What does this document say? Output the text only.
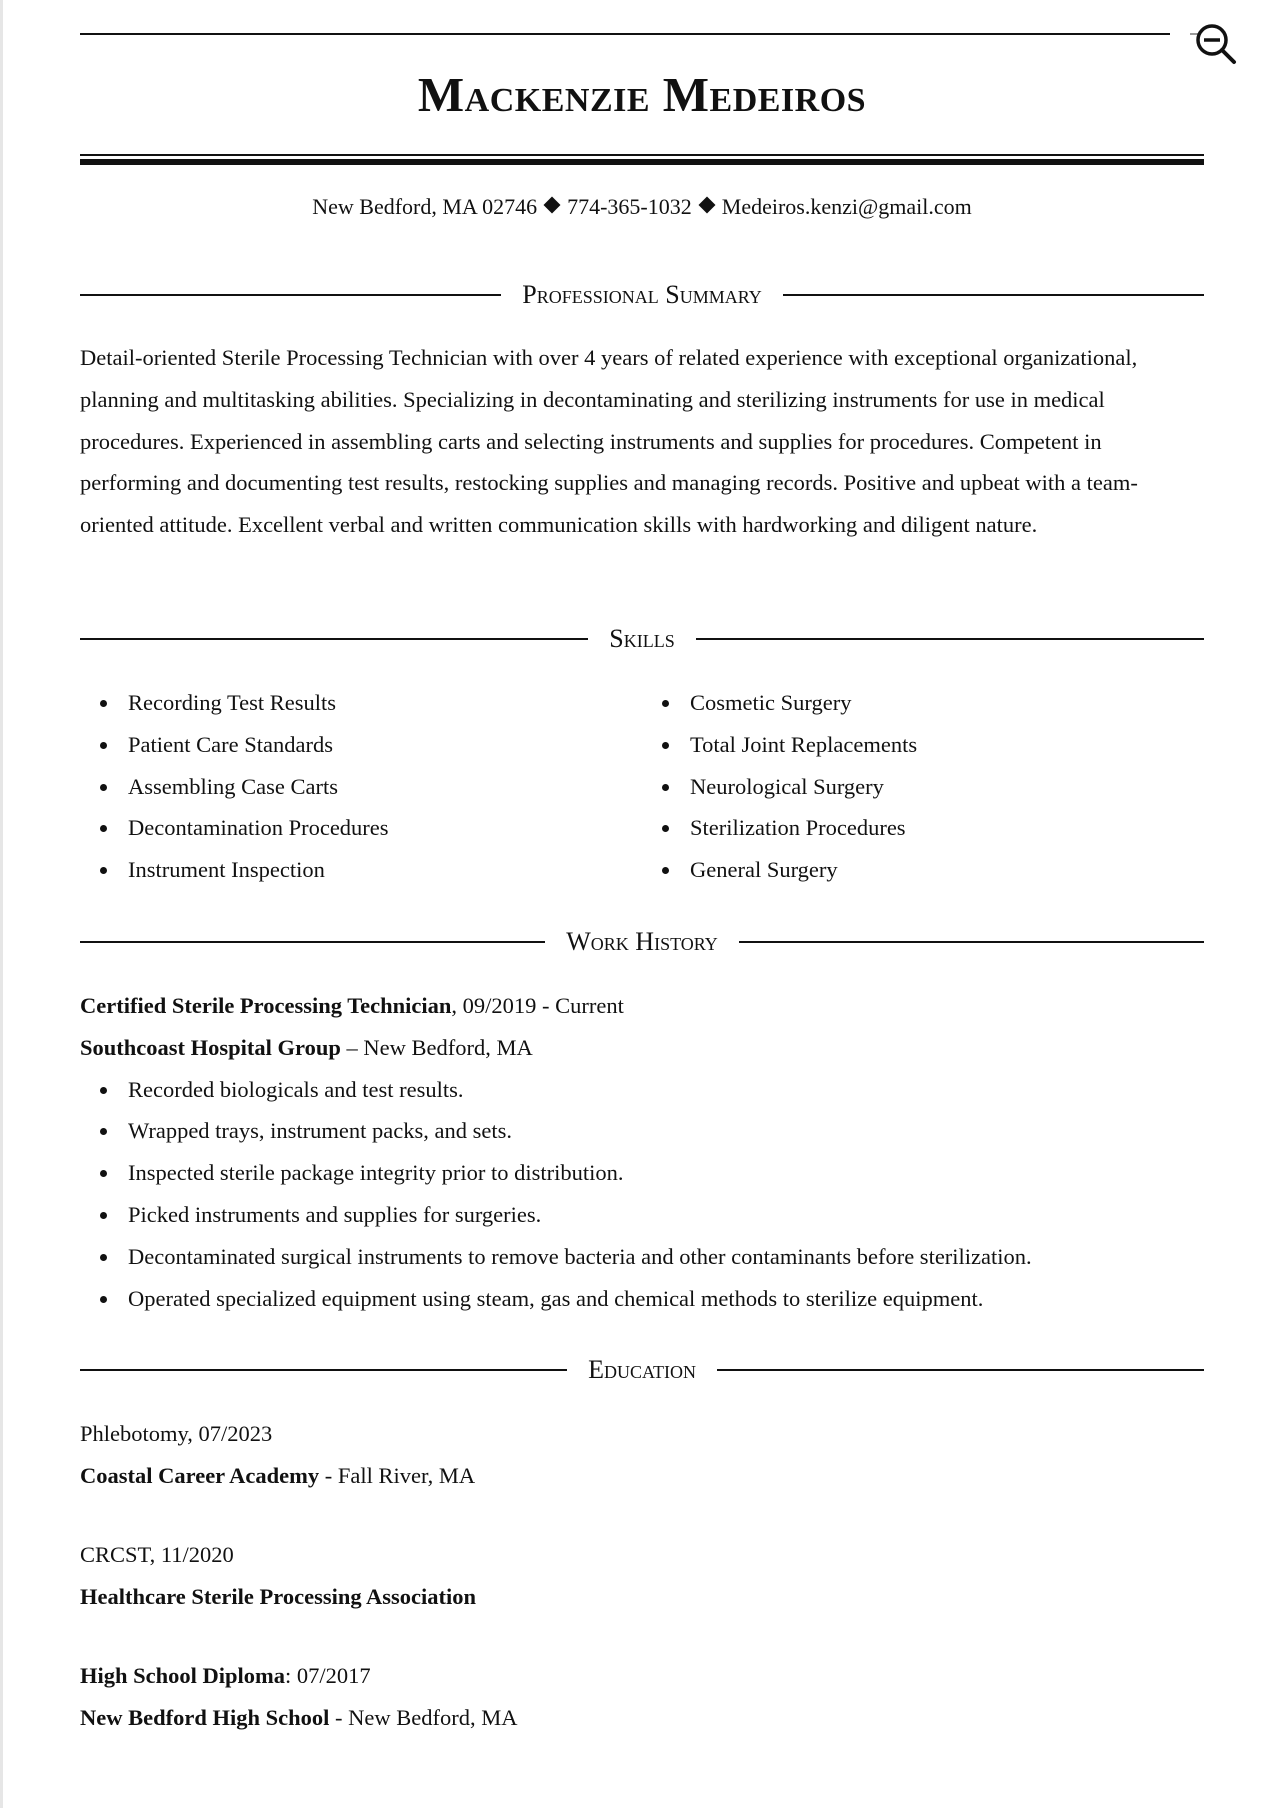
Mackenzie Medeiros
New Bedford, MA 02746 774-365-1032 Medeiros.kenzi@gmail.com
Professional Summary

Detail-oriented Sterile Processing Technician with over 4 years of related experience with exceptional organizational, planning and multitasking abilities. Specializing in decontaminating and sterilizing instruments for use in medical procedures. Experienced in assembling carts and selecting instruments and supplies for procedures. Competent in performing and documenting test results, restocking supplies and managing records. Positive and upbeat with a team-oriented attitude. Excellent verbal and written communication skills with hardworking and diligent nature.

Skills
Recording Test Results
Patient Care Standards
Assembling Case Carts
Decontamination Procedures
Instrument Inspection
Cosmetic Surgery
Total Joint Replacements
Neurological Surgery
Sterilization Procedures
General Surgery
Work History
Certified Sterile Processing Technician, 09/2019 - Current
Southcoast Hospital Group – New Bedford, MA
Recorded biologicals and test results.
Wrapped trays, instrument packs, and sets.
Inspected sterile package integrity prior to distribution.
Picked instruments and supplies for surgeries.
Decontaminated surgical instruments to remove bacteria and other contaminants before sterilization.
Operated specialized equipment using steam, gas and chemical methods to sterilize equipment.
Education
Phlebotomy, 07/2023
Coastal Career Academy - Fall River, MA
CRCST, 11/2020
Healthcare Sterile Processing Association
High School Diploma: 07/2017
New Bedford High School - New Bedford, MA
